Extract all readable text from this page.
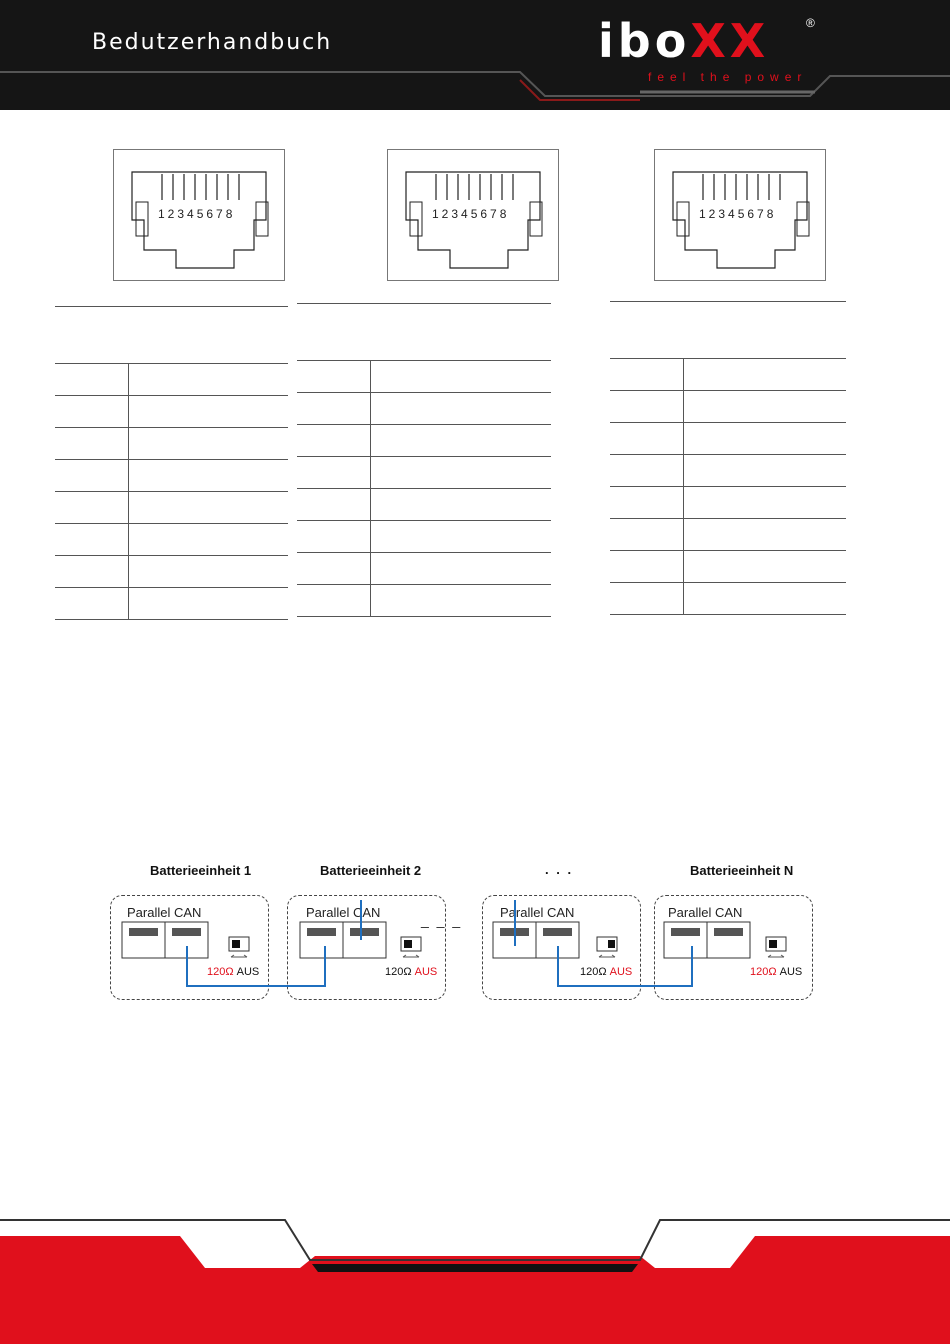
Bedutzerhandbuch	iboXX	®
feel the power
12345678	12345678	12345678

Batterieeinheit 1	Batterieeinheit 2	. . .	Batterieeinheit N
Parallel CAN	Parallel CAN	Parallel CAN	Parallel CAN
_ _ _
120Ω AUS	120Ω AUS	120Ω AUS	120Ω AUS
